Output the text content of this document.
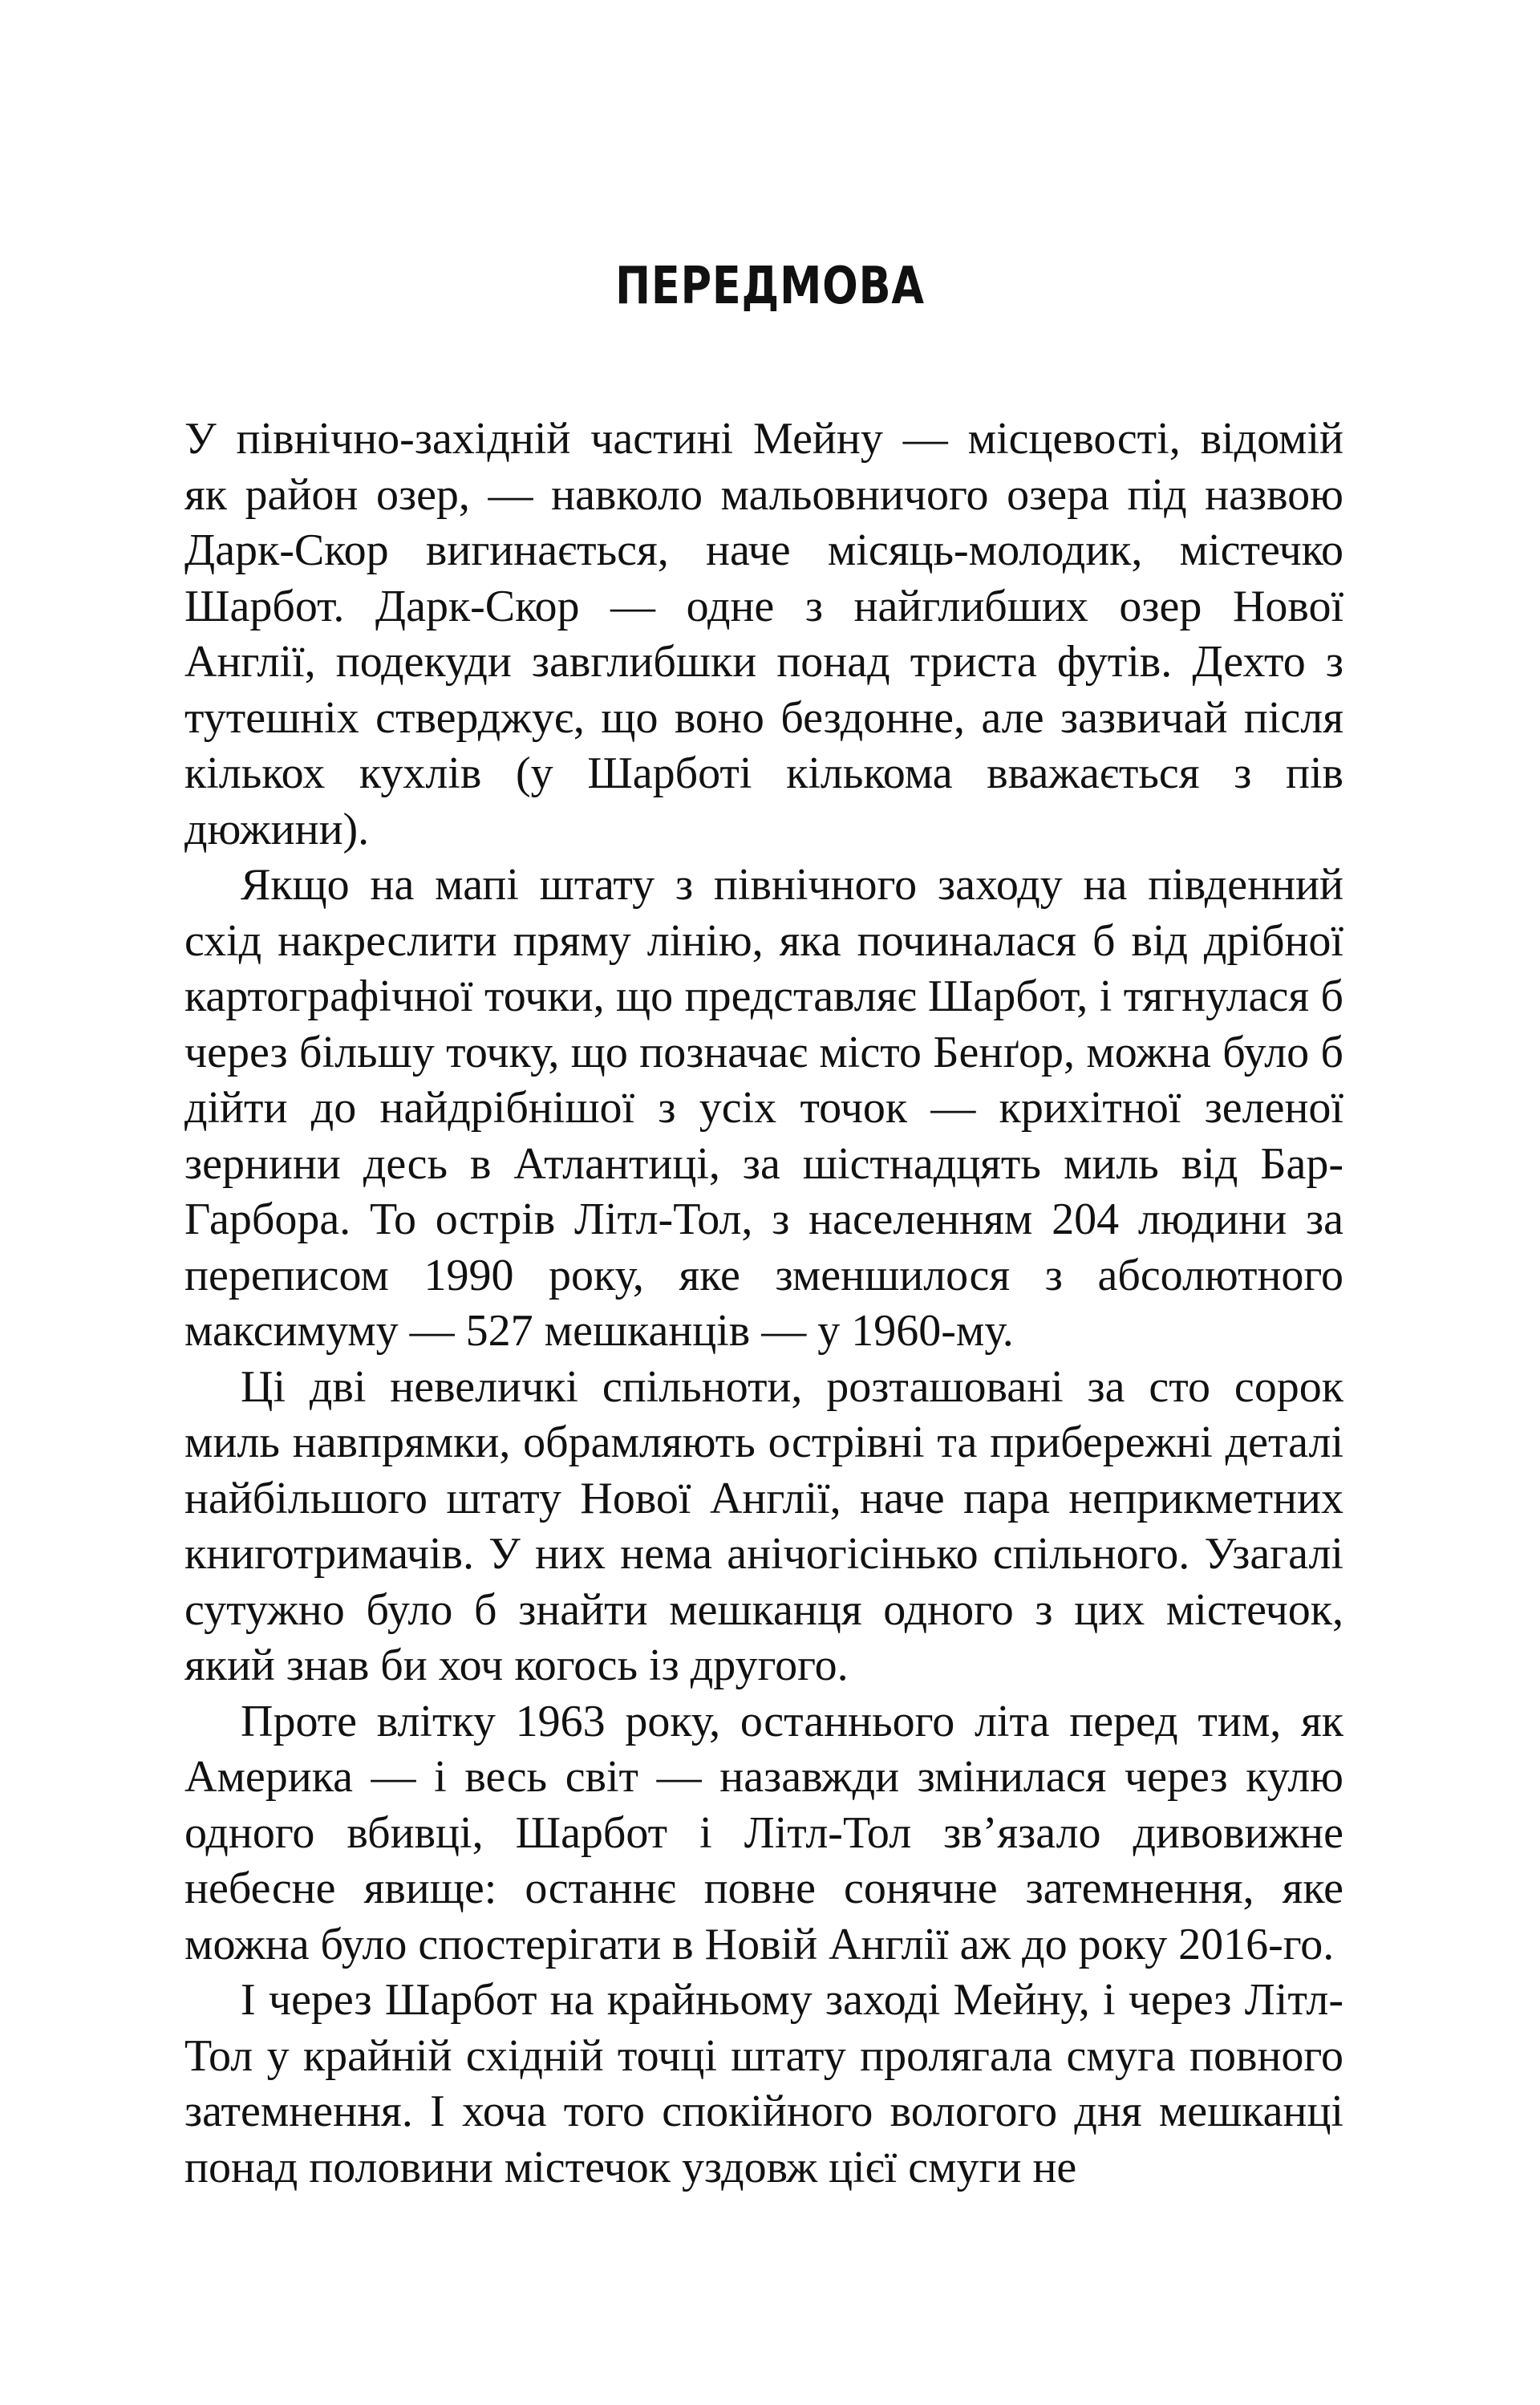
ПЕРЕДМОВА

У північно-західній частині Мейну — місцевості, відомій як район озер, — навколо мальовничого озера під назвою Дарк-Скор вигинається, наче місяць-молодик, містечко Шарбот. Дарк-Скор — одне з найглибших озер Нової Англії, подекуди завглибшки понад триста футів. Дехто з тутешніх стверджує, що воно бездонне, але зазвичай після кількох кухлів (у Шарботі кількома вважається з пів дюжини).

Якщо на мапі штату з північного заходу на південний схід накреслити пряму лінію, яка починалася б від дрібної картографічної точки, що представляє Шарбот, і тягнулася б через більшу точку, що позначає місто Бенґор, можна було б дійти до найдрібнішої з усіх точок — крихітної зеленої зернини десь в Атлантиці, за шістнадцять миль від Бар-Гарбора. То острів Літл-Тол, з населенням 204 людини за переписом 1990 року, яке зменшилося з абсолютного максимуму — 527 мешканців — у 1960-му.

Ці дві невеличкі спільноти, розташовані за сто сорок миль навпрямки, обрамляють острівні та прибережні деталі найбільшого штату Нової Англії, наче пара неприкметних книготримачів. У них нема анічогісінько спільного. Узагалі сутужно було б знайти мешканця одного з цих містечок, який знав би хоч когось із другого.

Проте влітку 1963 року, останнього літа перед тим, як Америка — і весь світ — назавжди змінилася через кулю одного вбивці, Шарбот і Літл-Тол зв’язало дивовижне небесне явище: останнє повне сонячне затемнення, яке можна було спостерігати в Новій Англії аж до року 2016-го.

І через Шарбот на крайньому заході Мейну, і через Літл-Тол у крайній східній точці штату пролягала смуга повного затемнення. І хоча того спокійного вологого дня мешканці понад половини містечок уздовж цієї смуги не
